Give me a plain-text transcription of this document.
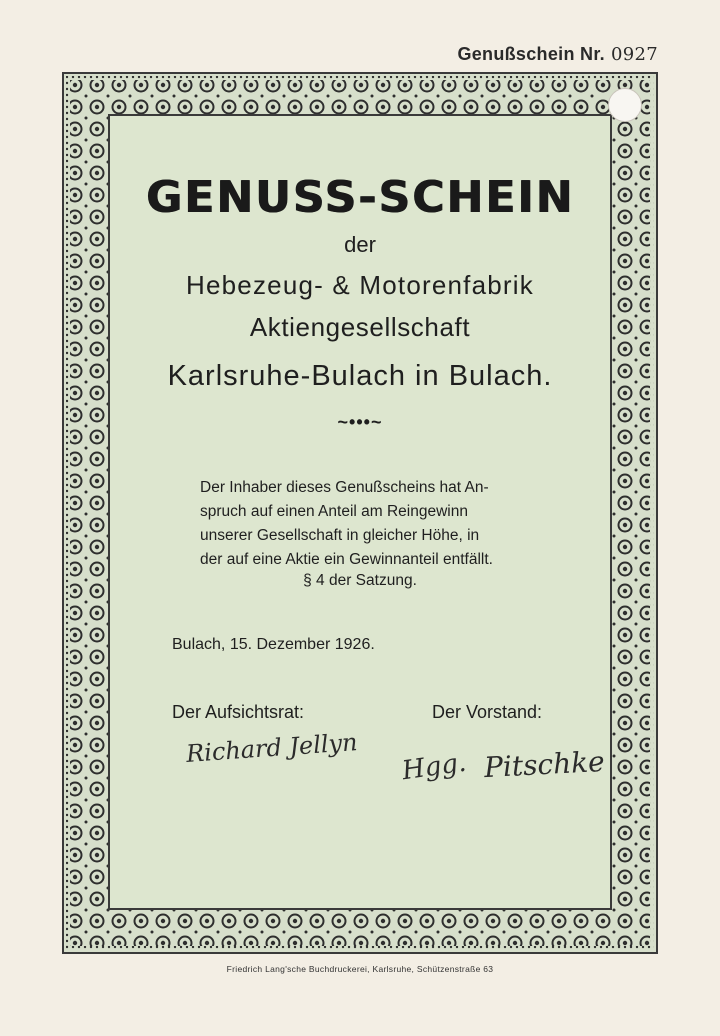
Genußschein Nr. 0927
GENUSS-SCHEIN
der
Hebezeug- & Motorenfabrik
Aktiengesellschaft
Karlsruhe-Bulach in Bulach.
~•••~

Der Inhaber dieses Genußscheins hat An-

spruch auf einen Anteil am Reingewinn

unserer Gesellschaft in gleicher Höhe, in

der auf eine Aktie ein Gewinnanteil entfällt.

§ 4 der Satzung.
Bulach, 15. Dezember 1926.
Der Aufsichtsrat:	Der Vorstand:
Richard Jellyn Hgg. Pitschke
Friedrich Lang'sche Buchdruckerei, Karlsruhe, Schützenstraße 63
